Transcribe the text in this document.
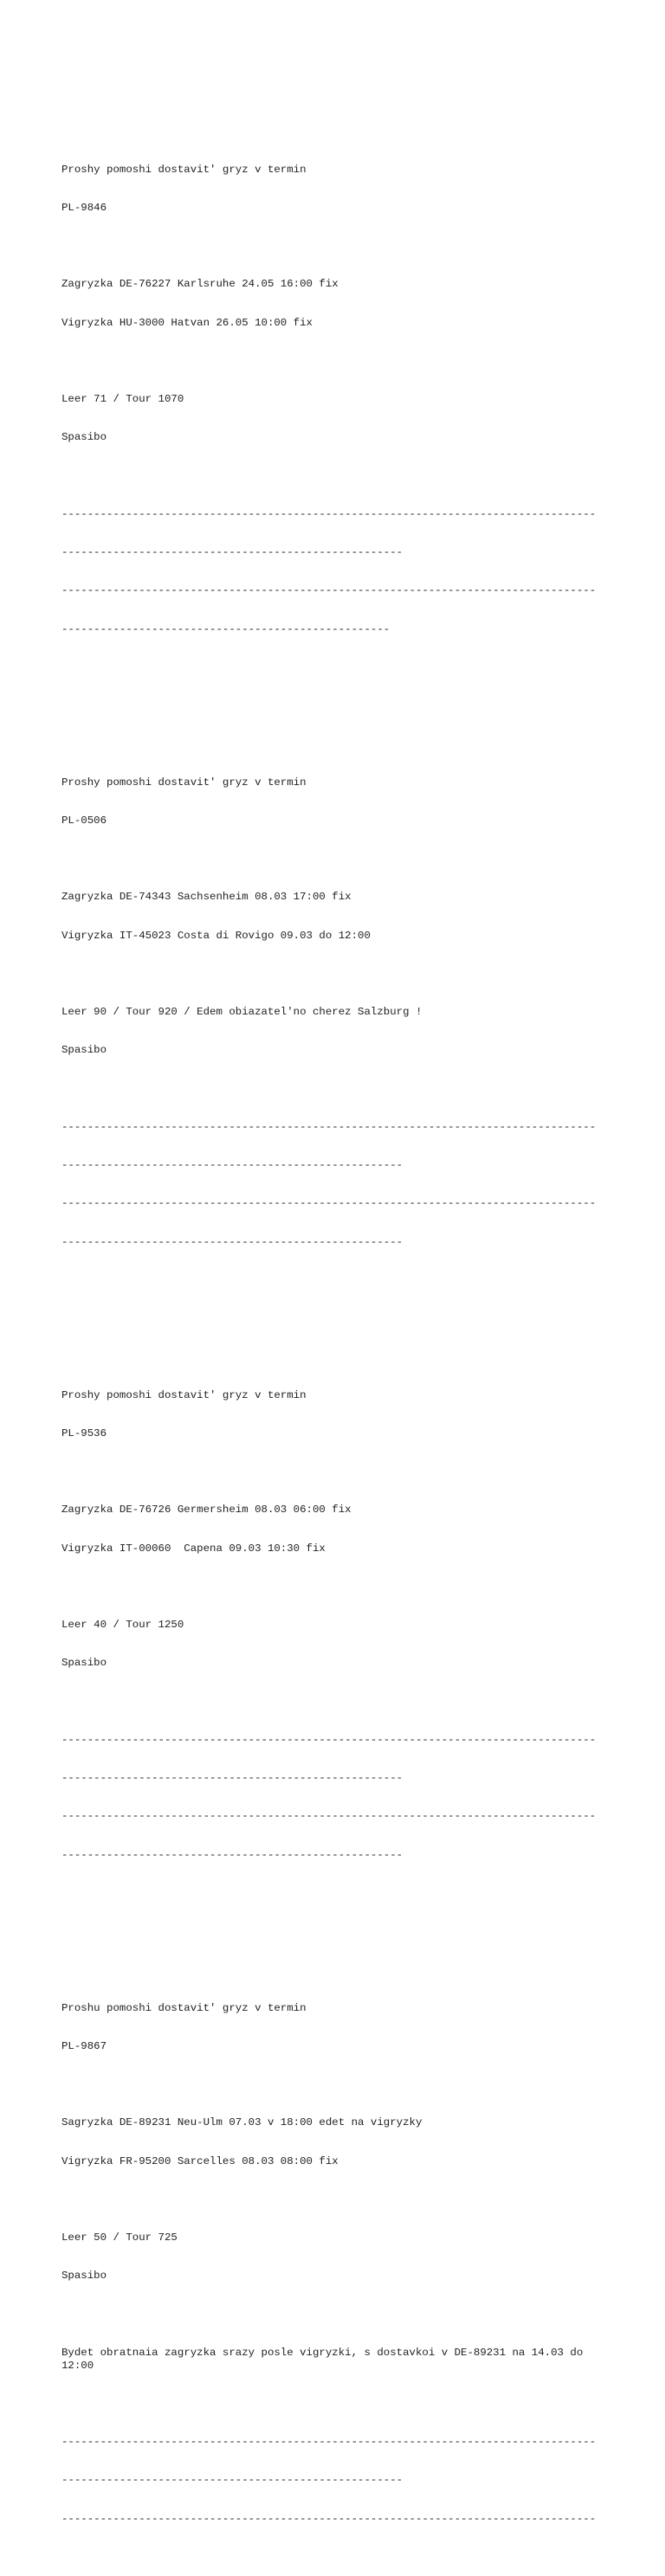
Proshy pomoshi dostavit' gryz v termin

PL-9846

Zagryzka DE-76227 Karlsruhe 24.05 16:00 fix

Vigryzka HU-3000 Hatvan 26.05 10:00 fix

Leer 71 / Tour 1070

Spasibo

-----------------------------------------------------------------------------------

-----------------------------------------------------

-----------------------------------------------------------------------------------

---------------------------------------------------

Proshy pomoshi dostavit' gryz v termin

PL-0506

Zagryzka DE-74343 Sachsenheim 08.03 17:00 fix

Vigryzka IT-45023 Costa di Rovigo 09.03 do 12:00

Leer 90 / Tour 920 / Edem obiazatel'no cherez Salzburg !

Spasibo

-----------------------------------------------------------------------------------

-----------------------------------------------------

-----------------------------------------------------------------------------------

-----------------------------------------------------

Proshy pomoshi dostavit' gryz v termin

PL-9536

Zagryzka DE-76726 Germersheim 08.03 06:00 fix

Vigryzka IT-00060  Capena 09.03 10:30 fix

Leer 40 / Tour 1250

Spasibo

-----------------------------------------------------------------------------------

-----------------------------------------------------

-----------------------------------------------------------------------------------

-----------------------------------------------------

Proshu pomoshi dostavit' gryz v termin

PL-9867

Sagryzka DE-89231 Neu-Ulm 07.03 v 18:00 edet na vigryzky

Vigryzka FR-95200 Sarcelles 08.03 08:00 fix

Leer 50 / Tour 725

Spasibo

Bydet obratnaia zagryzka srazy posle vigryzki, s dostavkoi v DE-89231 na 14.03 do 12:00

-----------------------------------------------------------------------------------

-----------------------------------------------------

-----------------------------------------------------------------------------------
